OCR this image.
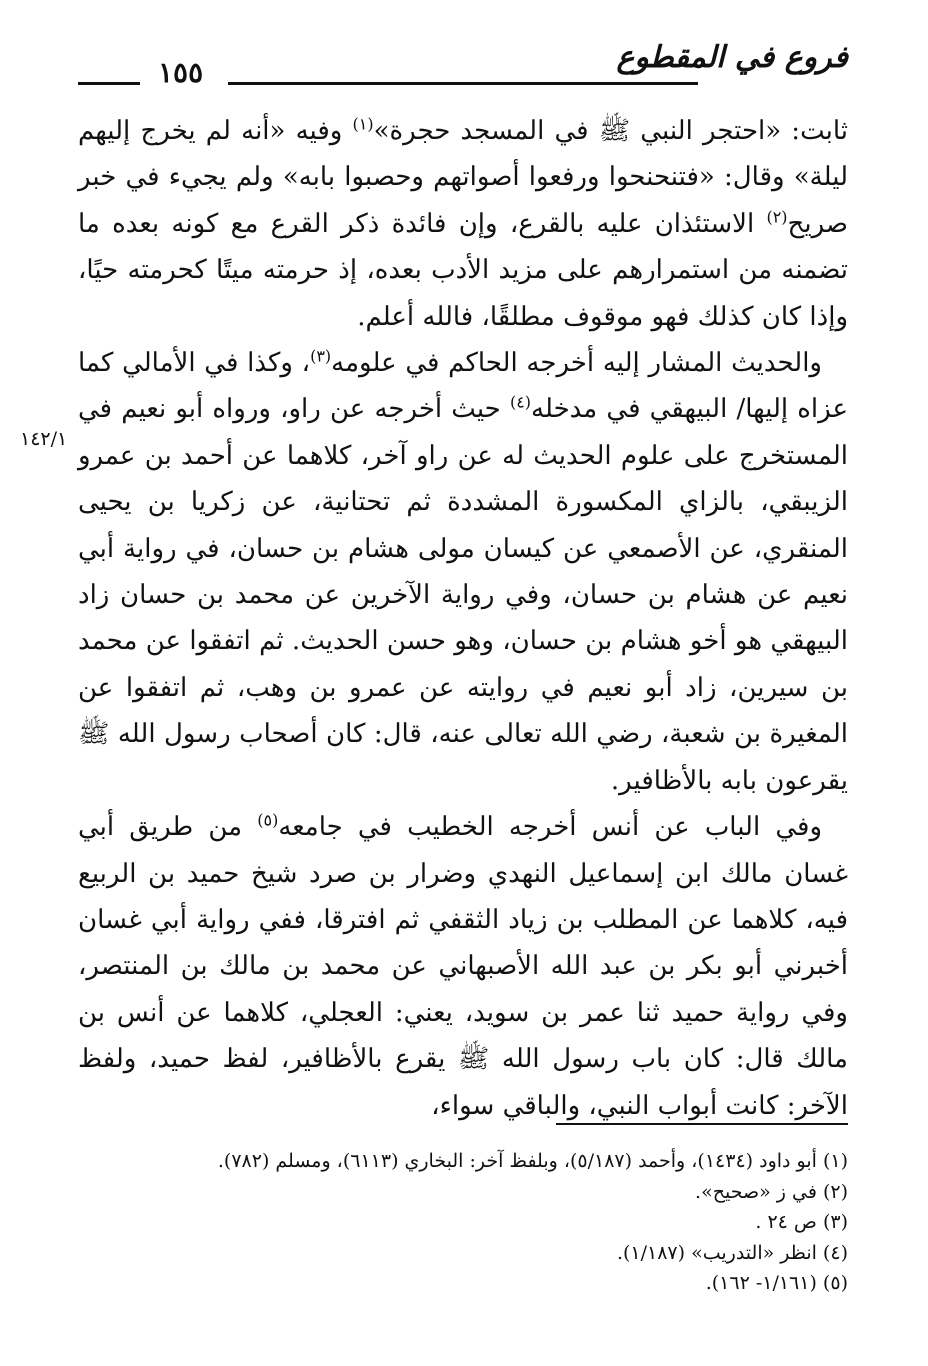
فروع في المقطوع
١٥٥
١٤٢/١

ثابت: «احتجر النبي ﷺ في المسجد حجرة»$^{(١)}$ وفيه «أنه لم يخرج إليهم ليلة» وقال: «فتنحنحوا ورفعوا أصواتهم وحصبوا بابه» ولم يجيء في خبر صريح$^{(٢)}$ الاستئذان عليه بالقرع، وإن فائدة ذكر القرع مع كونه بعده ما تضمنه من استمرارهم على مزيد الأدب بعده، إذ حرمته ميتًا كحرمته حيًا، وإذا كان كذلك فهو موقوف مطلقًا، فالله أعلم.

والحديث المشار إليه أخرجه الحاكم في علومه$^{(٣)}$، وكذا في الأمالي كما عزاه إليها/ البيهقي في مدخله$^{(٤)}$ حيث أخرجه عن راو، ورواه أبو نعيم في المستخرج على علوم الحديث له عن راو آخر، كلاهما عن أحمد بن عمرو الزيبقي، بالزاي المكسورة المشددة ثم تحتانية، عن زكريا بن يحيى المنقري، عن الأصمعي عن كيسان مولى هشام بن حسان، في رواية أبي نعيم عن هشام بن حسان، وفي رواية الآخرين عن محمد بن حسان زاد البيهقي هو أخو هشام بن حسان، وهو حسن الحديث. ثم اتفقوا عن محمد بن سيرين، زاد أبو نعيم في روايته عن عمرو بن وهب، ثم اتفقوا عن المغيرة بن شعبة، رضي الله تعالى عنه، قال: كان أصحاب رسول الله ﷺ يقرعون بابه بالأظافير.

وفي الباب عن أنس أخرجه الخطيب في جامعه$^{(٥)}$ من طريق أبي غسان مالك ابن إسماعيل النهدي وضرار بن صرد شيخ حميد بن الربيع فيه، كلاهما عن المطلب بن زياد الثقفي ثم افترقا، ففي رواية أبي غسان أخبرني أبو بكر بن عبد الله الأصبهاني عن محمد بن مالك بن المنتصر، وفي رواية حميد ثنا عمر بن سويد، يعني: العجلي، كلاهما عن أنس بن مالك قال: كان باب رسول الله ﷺ يقرع بالأظافير، لفظ حميد، ولفظ الآخر: كانت أبواب النبي، والباقي سواء،

(١) أبو داود (١٤٣٤)، وأحمد (٥/١٨٧)، وبلفظ آخر: البخاري (٦١١٣)، ومسلم (٧٨٢).
(٢) في ز «صحيح».
(٣) ص ٢٤ .
(٤) انظر «التدريب» (١/١٨٧).
(٥) (١/١٦١- ١٦٢).
